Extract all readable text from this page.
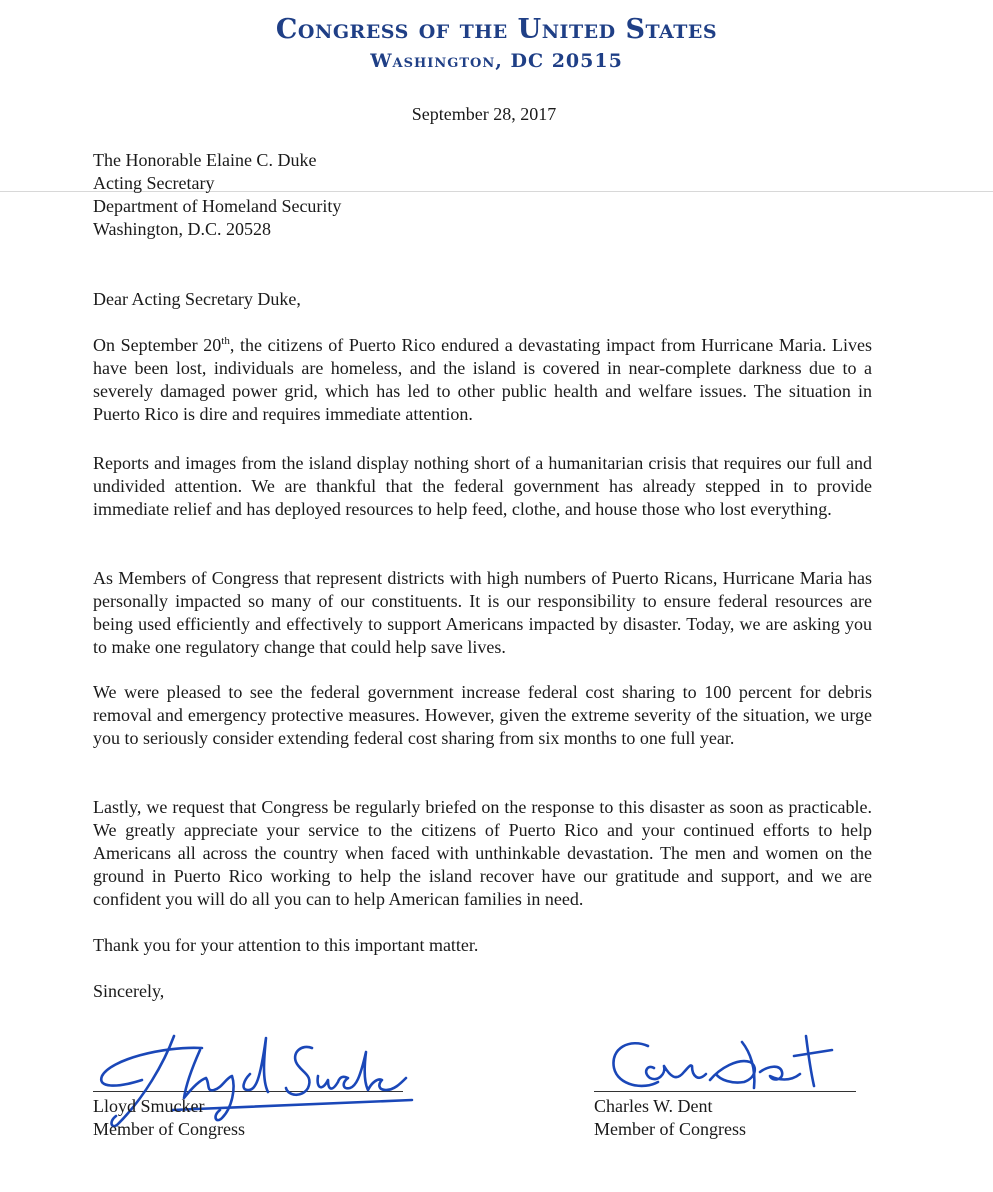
Congress of the United States
Washington, DC 20515
September 28, 2017
The Honorable Elaine C. Duke
Acting Secretary
Department of Homeland Security
Washington, D.C. 20528
Dear Acting Secretary Duke,
On September 20th, the citizens of Puerto Rico endured a devastating impact from Hurricane Maria. Lives have been lost, individuals are homeless, and the island is covered in near-complete darkness due to a severely damaged power grid, which has led to other public health and welfare issues. The situation in Puerto Rico is dire and requires immediate attention.
Reports and images from the island display nothing short of a humanitarian crisis that requires our full and undivided attention. We are thankful that the federal government has already stepped in to provide immediate relief and has deployed resources to help feed, clothe, and house those who lost everything.
As Members of Congress that represent districts with high numbers of Puerto Ricans, Hurricane Maria has personally impacted so many of our constituents. It is our responsibility to ensure federal resources are being used efficiently and effectively to support Americans impacted by disaster. Today, we are asking you to make one regulatory change that could help save lives.
We were pleased to see the federal government increase federal cost sharing to 100 percent for debris removal and emergency protective measures. However, given the extreme severity of the situation, we urge you to seriously consider extending federal cost sharing from six months to one full year.
Lastly, we request that Congress be regularly briefed on the response to this disaster as soon as practicable. We greatly appreciate your service to the citizens of Puerto Rico and your continued efforts to help Americans all across the country when faced with unthinkable devastation. The men and women on the ground in Puerto Rico working to help the island recover have our gratitude and support, and we are confident you will do all you can to help American families in need.
Thank you for your attention to this important matter.
Sincerely,
Lloyd Smucker
Member of Congress
Charles W. Dent
Member of Congress
